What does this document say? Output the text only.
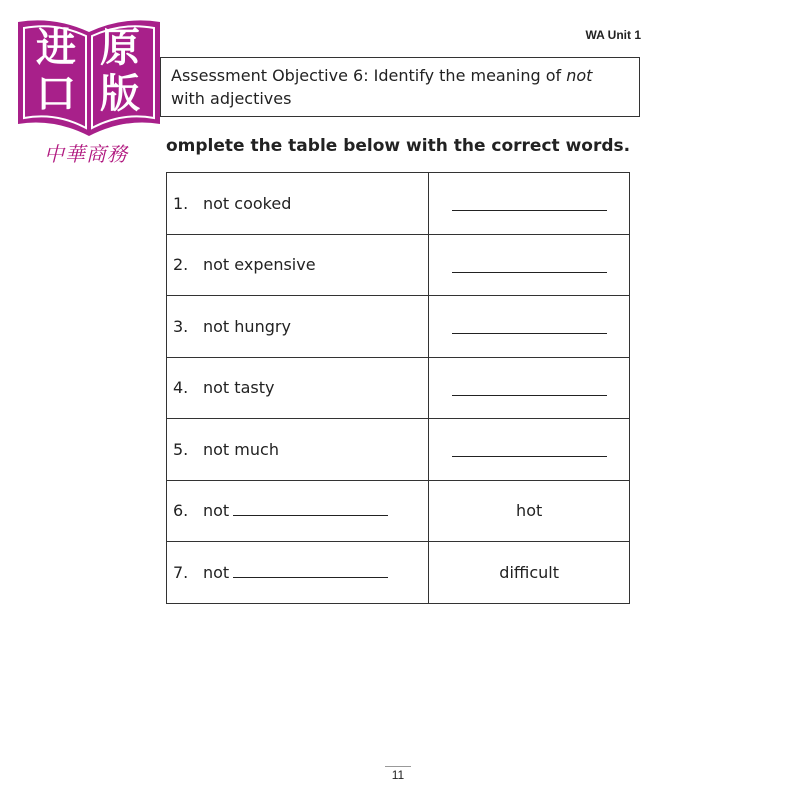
进 原
口 版
中華商務
WA Unit 1
Assessment Objective 6: Identify the meaning of not
with adjectives
omplete the table below with the correct words.
1. not cooked	
2. not expensive	
3. not hungry	
4. not tasty	
5. not much	
6. not	hot
7. not	difficult
11
